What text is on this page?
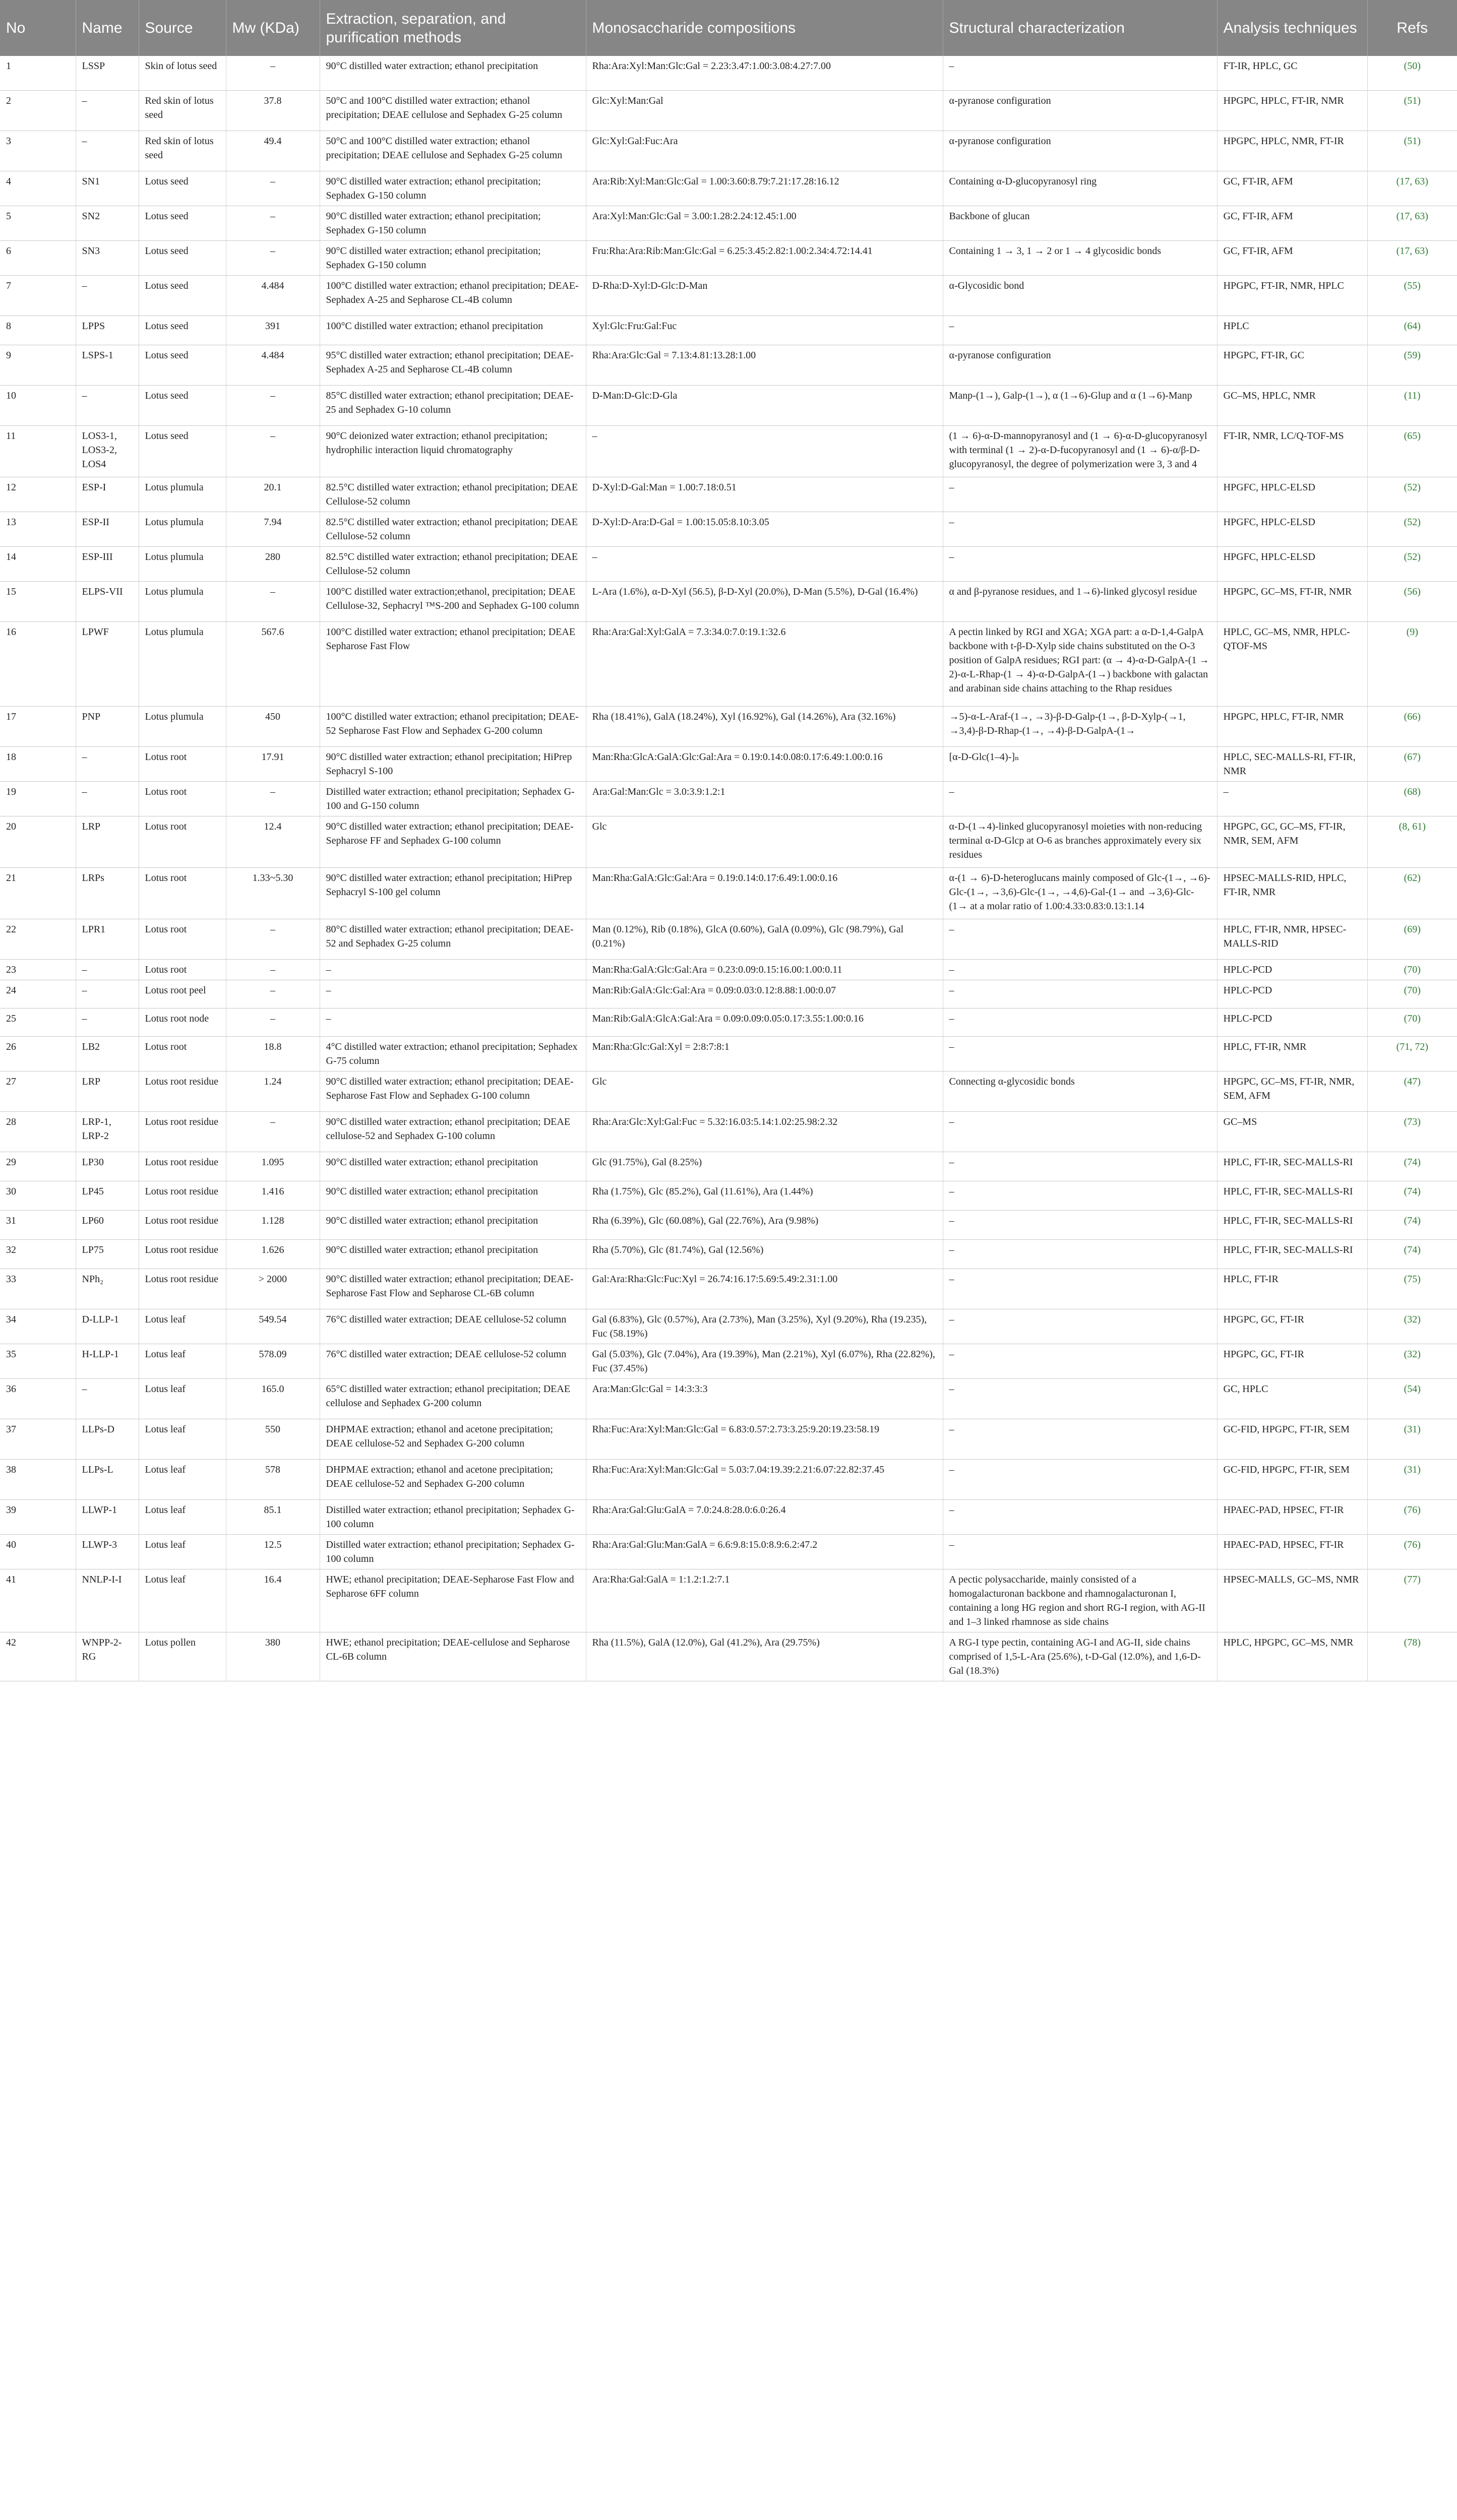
No	Name	Source	Mw (KDa)	Extraction, separation, and purification methods	Monosaccharide compositions	Structural characterization	Analysis techniques	Refs
1	LSSP	Skin of lotus seed	–	90°C distilled water extraction; ethanol precipitation	Rha:Ara:Xyl:Man:Glc:Gal = 2.23:3.47:1.00:3.08:4.27:7.00	–	FT-IR, HPLC, GC	(50)
2	–	Red skin of lotus seed	37.8	50°C and 100°C distilled water extraction; ethanol precipitation; DEAE cellulose and Sephadex G-25 column	Glc:Xyl:Man:Gal	α-pyranose configuration	HPGPC, HPLC, FT-IR, NMR	(51)
3	–	Red skin of lotus seed	49.4	50°C and 100°C distilled water extraction; ethanol precipitation; DEAE cellulose and Sephadex G-25 column	Glc:Xyl:Gal:Fuc:Ara	α-pyranose configuration	HPGPC, HPLC, NMR, FT-IR	(51)
4	SN1	Lotus seed	–	90°C distilled water extraction; ethanol precipitation; Sephadex G-150 column	Ara:Rib:Xyl:Man:Glc:Gal = 1.00:3.60:8.79:7.21:17.28:16.12	Containing α-D-glucopyranosyl ring	GC, FT-IR, AFM	(17, 63)
5	SN2	Lotus seed	–	90°C distilled water extraction; ethanol precipitation; Sephadex G-150 column	Ara:Xyl:Man:Glc:Gal = 3.00:1.28:2.24:12.45:1.00	Backbone of glucan	GC, FT-IR, AFM	(17, 63)
6	SN3	Lotus seed	–	90°C distilled water extraction; ethanol precipitation; Sephadex G-150 column	Fru:Rha:Ara:Rib:Man:Glc:Gal = 6.25:3.45:2.82:1.00:2.34:4.72:14.41	Containing 1 → 3, 1 → 2 or 1 → 4 glycosidic bonds	GC, FT-IR, AFM	(17, 63)
7	–	Lotus seed	4.484	100°C distilled water extraction; ethanol precipitation; DEAE-Sephadex A-25 and Sepharose CL-4B column	D-Rha:D-Xyl:D-Glc:D-Man	α-Glycosidic bond	HPGPC, FT-IR, NMR, HPLC	(55)
8	LPPS	Lotus seed	391	100°C distilled water extraction; ethanol precipitation	Xyl:Glc:Fru:Gal:Fuc	–	HPLC	(64)
9	LSPS-1	Lotus seed	4.484	95°C distilled water extraction; ethanol precipitation; DEAE-Sephadex A-25 and Sepharose CL-4B column	Rha:Ara:Glc:Gal = 7.13:4.81:13.28:1.00	α-pyranose configuration	HPGPC, FT-IR, GC	(59)
10	–	Lotus seed	–	85°C distilled water extraction; ethanol precipitation; DEAE-25 and Sephadex G-10 column	D-Man:D-Glc:D-Gla	Manp-(1→), Galp-(1→), α (1→6)-Glup and α (1→6)-Manp	GC–MS, HPLC, NMR	(11)
11	LOS3-1, LOS3-2, LOS4	Lotus seed	–	90°C deionized water extraction; ethanol precipitation; hydrophilic interaction liquid chromatography	–	(1 → 6)-α-D-mannopyranosyl and (1 → 6)-α-D-glucopyranosyl with terminal (1 → 2)-α-D-fucopyranosyl and (1 → 6)-α/β-D-glucopyranosyl, the degree of polymerization were 3, 3 and 4	FT-IR, NMR, LC/Q-TOF-MS	(65)
12	ESP-I	Lotus plumula	20.1	82.5°C distilled water extraction; ethanol precipitation; DEAE Cellulose-52 column	D-Xyl:D-Gal:Man = 1.00:7.18:0.51	–	HPGFC, HPLC-ELSD	(52)
13	ESP-II	Lotus plumula	7.94	82.5°C distilled water extraction; ethanol precipitation; DEAE Cellulose-52 column	D-Xyl:D-Ara:D-Gal = 1.00:15.05:8.10:3.05	–	HPGFC, HPLC-ELSD	(52)
14	ESP-III	Lotus plumula	280	82.5°C distilled water extraction; ethanol precipitation; DEAE Cellulose-52 column	–	–	HPGFC, HPLC-ELSD	(52)
15	ELPS-VII	Lotus plumula	–	100°C distilled water extraction;ethanol, precipitation; DEAE Cellulose-32, Sephacryl ™S-200 and Sephadex G-100 column	L-Ara (1.6%), α-D-Xyl (56.5), β-D-Xyl (20.0%), D-Man (5.5%), D-Gal (16.4%)	α and β-pyranose residues, and 1→6)-linked glycosyl residue	HPGPC, GC–MS, FT-IR, NMR	(56)
16	LPWF	Lotus plumula	567.6	100°C distilled water extraction; ethanol precipitation; DEAE Sepharose Fast Flow	Rha:Ara:Gal:Xyl:GalA = 7.3:34.0:7.0:19.1:32.6	A pectin linked by RGI and XGA; XGA part: a α-D-1,4-GalpA backbone with t-β-D-Xylp side chains substituted on the O-3 position of GalpA residues; RGI part: (α → 4)-α-D-GalpA-(1 → 2)-α-L-Rhap-(1 → 4)-α-D-GalpA-(1→) backbone with galactan and arabinan side chains attaching to the Rhap residues	HPLC, GC–MS, NMR, HPLC-QTOF-MS	(9)
17	PNP	Lotus plumula	450	100°C distilled water extraction; ethanol precipitation; DEAE-52 Sepharose Fast Flow and Sephadex G-200 column	Rha (18.41%), GalA (18.24%), Xyl (16.92%), Gal (14.26%), Ara (32.16%)	→5)-α-L-Araf-(1→, →3)-β-D-Galp-(1→, β-D-Xylp-(→1, →3,4)-β-D-Rhap-(1→, →4)-β-D-GalpA-(1→	HPGPC, HPLC, FT-IR, NMR	(66)
18	–	Lotus root	17.91	90°C distilled water extraction; ethanol precipitation; HiPrep Sephacryl S-100	Man:Rha:GlcA:GalA:Glc:Gal:Ara = 0.19:0.14:0.08:0.17:6.49:1.00:0.16	[α-D-Glc(1–4)-]ₙ	HPLC, SEC-MALLS-RI, FT-IR, NMR	(67)
19	–	Lotus root	–	Distilled water extraction; ethanol precipitation; Sephadex G-100 and G-150 column	Ara:Gal:Man:Glc = 3.0:3.9:1.2:1	–	–	(68)
20	LRP	Lotus root	12.4	90°C distilled water extraction; ethanol precipitation; DEAE-Sepharose FF and Sephadex G-100 column	Glc	α-D-(1→4)-linked glucopyranosyl moieties with non-reducing terminal α-D-Glcp at O-6 as branches approximately every six residues	HPGPC, GC, GC–MS, FT-IR, NMR, SEM, AFM	(8, 61)
21	LRPs	Lotus root	1.33~5.30	90°C distilled water extraction; ethanol precipitation; HiPrep Sephacryl S-100 gel column	Man:Rha:GalA:Glc:Gal:Ara = 0.19:0.14:0.17:6.49:1.00:0.16	α-(1 → 6)-D-heteroglucans mainly composed of Glc-(1→, →6)-Glc-(1→, →3,6)-Glc-(1→, →4,6)-Gal-(1→ and →3,6)-Glc-(1→ at a molar ratio of 1.00:4.33:0.83:0.13:1.14	HPSEC-MALLS-RID, HPLC, FT-IR, NMR	(62)
22	LPR1	Lotus root	–	80°C distilled water extraction; ethanol precipitation; DEAE-52 and Sephadex G-25 column	Man (0.12%), Rib (0.18%), GlcA (0.60%), GalA (0.09%), Glc (98.79%), Gal (0.21%)	–	HPLC, FT-IR, NMR, HPSEC-MALLS-RID	(69)
23	–	Lotus root	–	–	Man:Rha:GalA:Glc:Gal:Ara = 0.23:0.09:0.15:16.00:1.00:0.11	–	HPLC-PCD	(70)
24	–	Lotus root peel	–	–	Man:Rib:GalA:Glc:Gal:Ara = 0.09:0.03:0.12:8.88:1.00:0.07	–	HPLC-PCD	(70)
25	–	Lotus root node	–	–	Man:Rib:GalA:GlcA:Gal:Ara = 0.09:0.09:0.05:0.17:3.55:1.00:0.16	–	HPLC-PCD	(70)
26	LB2	Lotus root	18.8	4°C distilled water extraction; ethanol precipitation; Sephadex G-75 column	Man:Rha:Glc:Gal:Xyl = 2:8:7:8:1	–	HPLC, FT-IR, NMR	(71, 72)
27	LRP	Lotus root residue	1.24	90°C distilled water extraction; ethanol precipitation; DEAE-Sepharose Fast Flow and Sephadex G-100 column	Glc	Connecting α-glycosidic bonds	HPGPC, GC–MS, FT-IR, NMR, SEM, AFM	(47)
28	LRP-1, LRP-2	Lotus root residue	–	90°C distilled water extraction; ethanol precipitation; DEAE cellulose-52 and Sephadex G-100 column	Rha:Ara:Glc:Xyl:Gal:Fuc = 5.32:16.03:5.14:1.02:25.98:2.32	–	GC–MS	(73)
29	LP30	Lotus root residue	1.095	90°C distilled water extraction; ethanol precipitation	Glc (91.75%), Gal (8.25%)	–	HPLC, FT-IR, SEC-MALLS-RI	(74)
30	LP45	Lotus root residue	1.416	90°C distilled water extraction; ethanol precipitation	Rha (1.75%), Glc (85.2%), Gal (11.61%), Ara (1.44%)	–	HPLC, FT-IR, SEC-MALLS-RI	(74)
31	LP60	Lotus root residue	1.128	90°C distilled water extraction; ethanol precipitation	Rha (6.39%), Glc (60.08%), Gal (22.76%), Ara (9.98%)	–	HPLC, FT-IR, SEC-MALLS-RI	(74)
32	LP75	Lotus root residue	1.626	90°C distilled water extraction; ethanol precipitation	Rha (5.70%), Glc (81.74%), Gal (12.56%)	–	HPLC, FT-IR, SEC-MALLS-RI	(74)
33	NPh₂	Lotus root residue	> 2000	90°C distilled water extraction; ethanol precipitation; DEAE-Sepharose Fast Flow and Sepharose CL-6B column	Gal:Ara:Rha:Glc:Fuc:Xyl = 26.74:16.17:5.69:5.49:2.31:1.00	–	HPLC, FT-IR	(75)
34	D-LLP-1	Lotus leaf	549.54	76°C distilled water extraction; DEAE cellulose-52 column	Gal (6.83%), Glc (0.57%), Ara (2.73%), Man (3.25%), Xyl (9.20%), Rha (19.235), Fuc (58.19%)	–	HPGPC, GC, FT-IR	(32)
35	H-LLP-1	Lotus leaf	578.09	76°C distilled water extraction; DEAE cellulose-52 column	Gal (5.03%), Glc (7.04%), Ara (19.39%), Man (2.21%), Xyl (6.07%), Rha (22.82%), Fuc (37.45%)	–	HPGPC, GC, FT-IR	(32)
36	–	Lotus leaf	165.0	65°C distilled water extraction; ethanol precipitation; DEAE cellulose and Sephadex G-200 column	Ara:Man:Glc:Gal = 14:3:3:3	–	GC, HPLC	(54)
37	LLPs-D	Lotus leaf	550	DHPMAE extraction; ethanol and acetone precipitation; DEAE cellulose-52 and Sephadex G-200 column	Rha:Fuc:Ara:Xyl:Man:Glc:Gal = 6.83:0.57:2.73:3.25:9.20:19.23:58.19	–	GC-FID, HPGPC, FT-IR, SEM	(31)
38	LLPs-L	Lotus leaf	578	DHPMAE extraction; ethanol and acetone precipitation; DEAE cellulose-52 and Sephadex G-200 column	Rha:Fuc:Ara:Xyl:Man:Glc:Gal = 5.03:7.04:19.39:2.21:6.07:22.82:37.45	–	GC-FID, HPGPC, FT-IR, SEM	(31)
39	LLWP-1	Lotus leaf	85.1	Distilled water extraction; ethanol precipitation; Sephadex G-100 column	Rha:Ara:Gal:Glu:GalA = 7.0:24.8:28.0:6.0:26.4	–	HPAEC-PAD, HPSEC, FT-IR	(76)
40	LLWP-3	Lotus leaf	12.5	Distilled water extraction; ethanol precipitation; Sephadex G-100 column	Rha:Ara:Gal:Glu:Man:GalA = 6.6:9.8:15.0:8.9:6.2:47.2	–	HPAEC-PAD, HPSEC, FT-IR	(76)
41	NNLP-I-I	Lotus leaf	16.4	HWE; ethanol precipitation; DEAE-Sepharose Fast Flow and Sepharose 6FF column	Ara:Rha:Gal:GalA = 1:1.2:1.2:7.1	A pectic polysaccharide, mainly consisted of a homogalacturonan backbone and rhamnogalacturonan I, containing a long HG region and short RG-I region, with AG-II and 1–3 linked rhamnose as side chains	HPSEC-MALLS, GC–MS, NMR	(77)
42	WNPP-2-RG	Lotus pollen	380	HWE; ethanol precipitation; DEAE-cellulose and Sepharose CL-6B column	Rha (11.5%), GalA (12.0%), Gal (41.2%), Ara (29.75%)	A RG-I type pectin, containing AG-I and AG-II, side chains comprised of 1,5-L-Ara (25.6%), t-D-Gal (12.0%), and 1,6-D-Gal (18.3%)	HPLC, HPGPC, GC–MS, NMR	(78)
